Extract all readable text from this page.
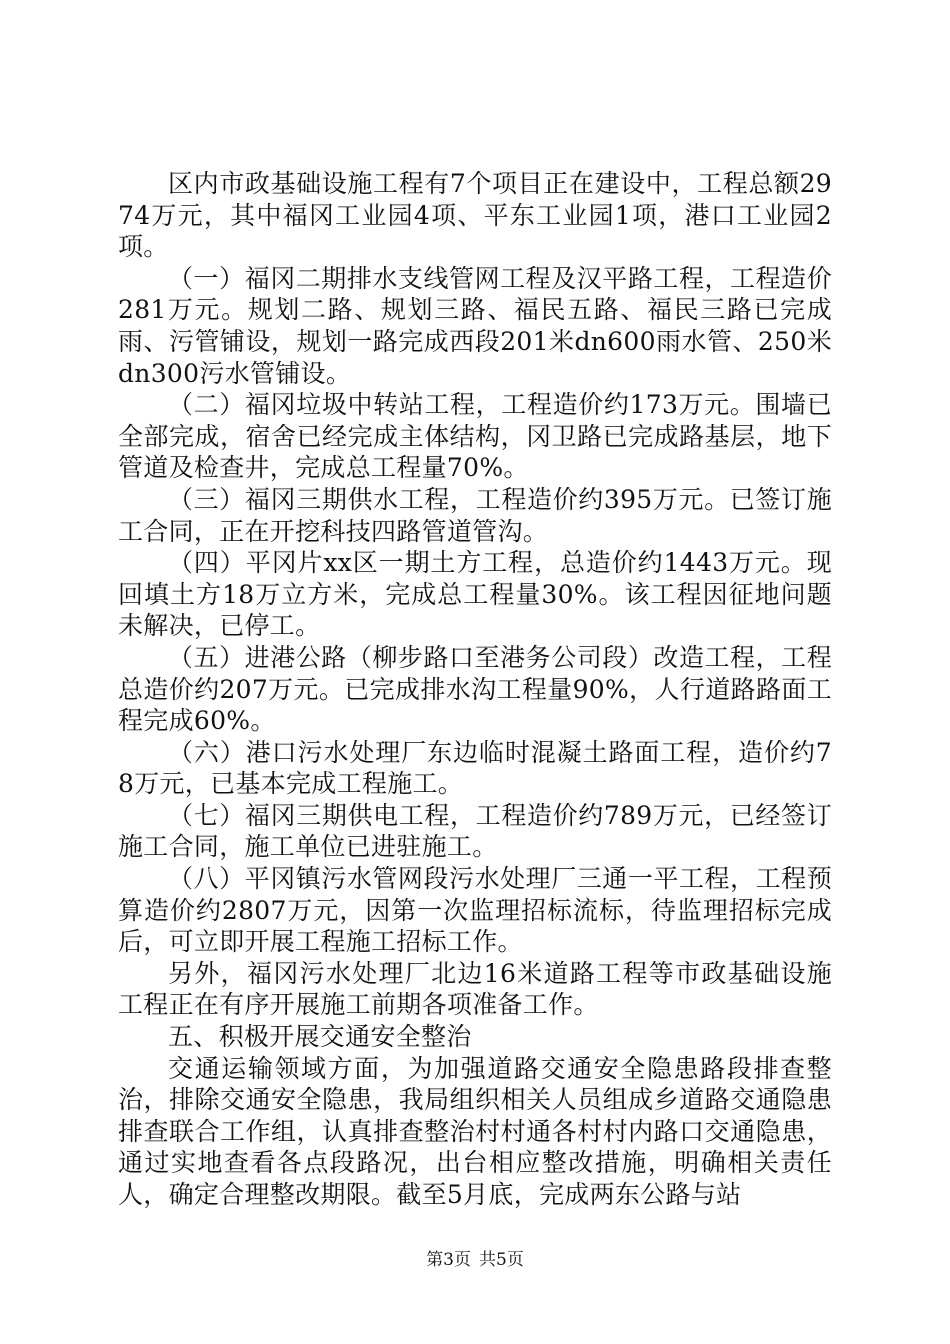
区内市政基础设施工程有7个项目正在建设中，工程总额2974万元，其中福冈工业园4项、平东工业园1项，港口工业园2项。

（一）福冈二期排水支线管网工程及汉平路工程，工程造价281万元。规划二路、规划三路、福民五路、福民三路已完成雨、污管铺设，规划一路完成西段201米dn600雨水管、250米dn300污水管铺设。

（二）福冈垃圾中转站工程，工程造价约173万元。围墙已全部完成，宿舍已经完成主体结构，冈卫路已完成路基层，地下管道及检查井，完成总工程量70%。

（三）福冈三期供水工程，工程造价约395万元。已签订施工合同，正在开挖科技四路管道管沟。

（四）平冈片xx区一期土方工程，总造价约1443万元。现回填土方18万立方米，完成总工程量30%。该工程因征地问题未解决，已停工。

（五）进港公路（柳步路口至港务公司段）改造工程，工程总造价约207万元。已完成排水沟工程量90%，人行道路路面工程完成60%。

（六）港口污水处理厂东边临时混凝土路面工程，造价约78万元，已基本完成工程施工。

（七）福冈三期供电工程，工程造价约789万元，已经签订施工合同，施工单位已进驻施工。

（八）平冈镇污水管网段污水处理厂三通一平工程，工程预算造价约2807万元，因第一次监理招标流标，待监理招标完成后，可立即开展工程施工招标工作。

另外，福冈污水处理厂北边16米道路工程等市政基础设施工程正在有序开展施工前期各项准备工作。

五、积极开展交通安全整治

交通运输领域方面，为加强道路交通安全隐患路段排查整治，排除交通安全隐患，我局组织相关人员组成乡道路交通隐患排查联合工作组，认真排查整治村村通各村村内路口交通隐患，通过实地查看各点段路况，出台相应整改措施，明确相关责任人，确定合理整改期限。截至5月底，完成两东公路与站

第3页 共5页
